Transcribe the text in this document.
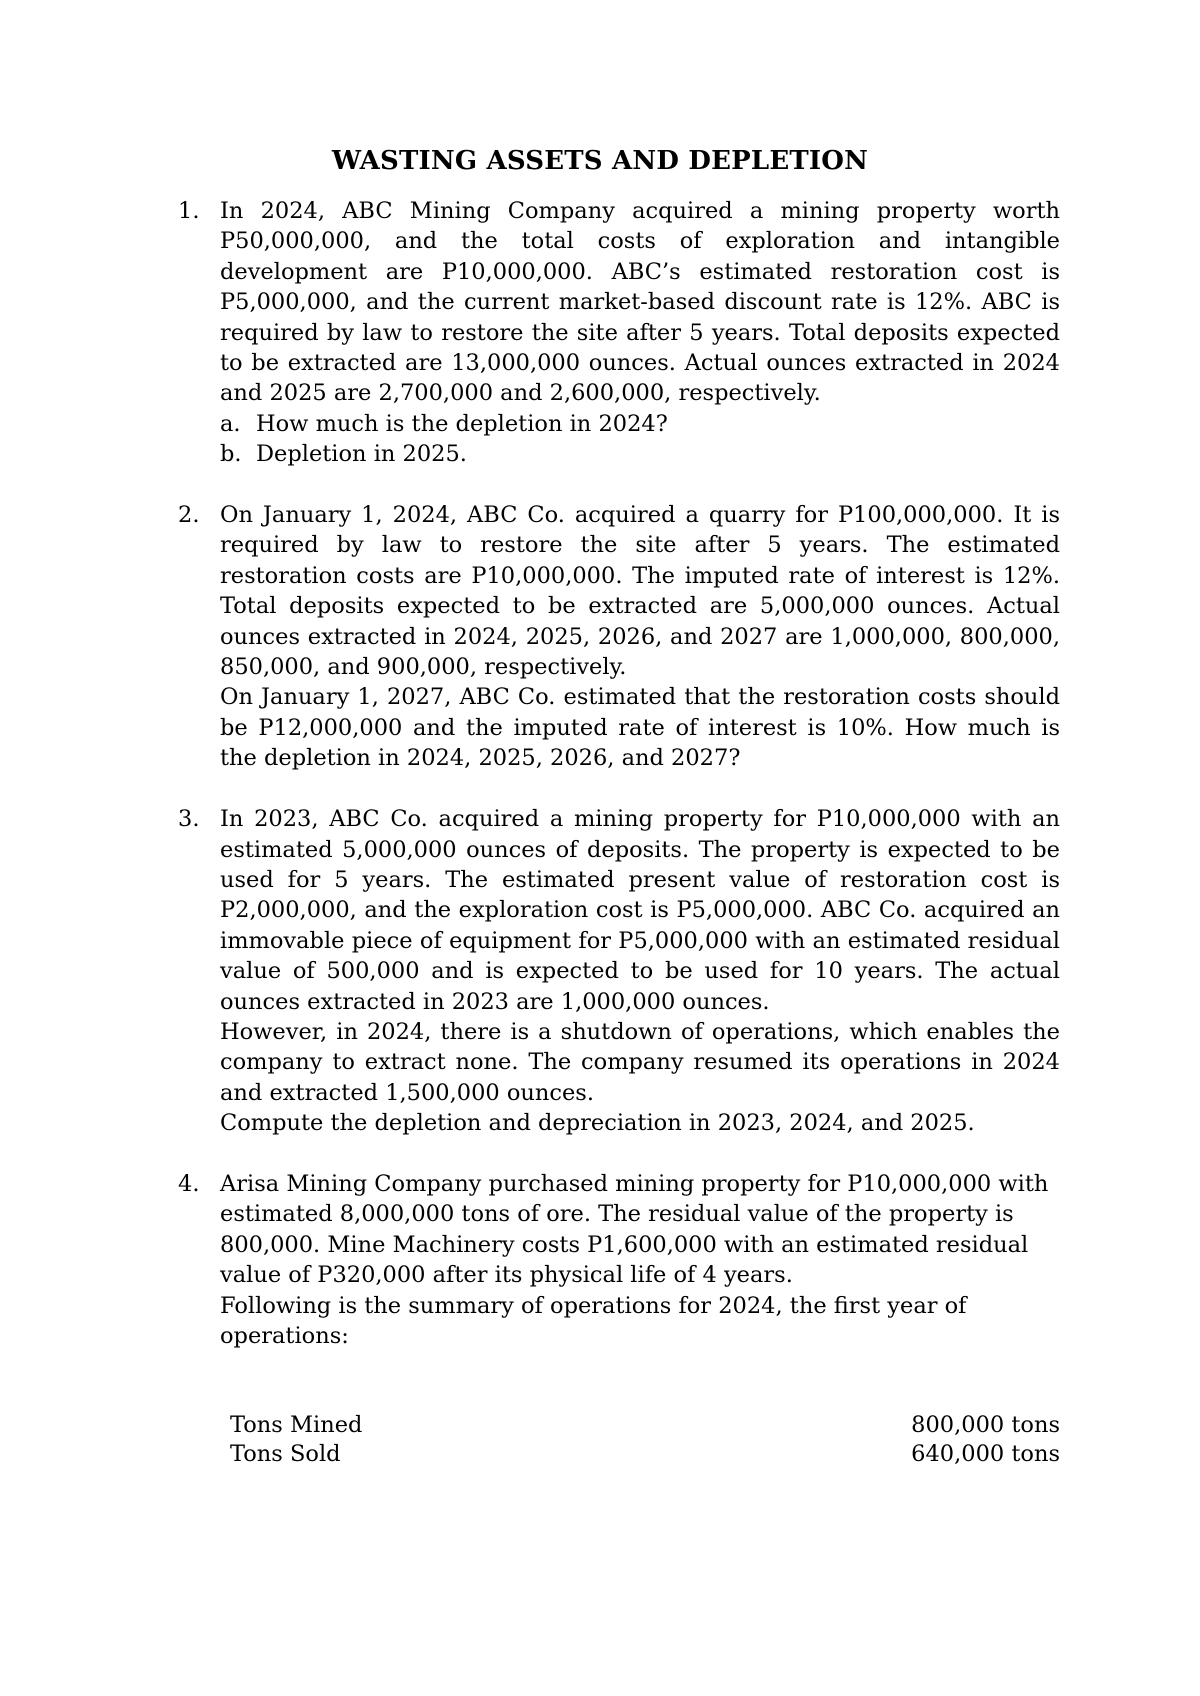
WASTING ASSETS AND DEPLETION
1. In 2024, ABC Mining Company acquired a mining property worth P50,000,000, and the total costs of exploration and intangible development are P10,000,000. ABC’s estimated restoration cost is P5,000,000, and the current market-based discount rate is 12%. ABC is required by law to restore the site after 5 years. Total deposits expected to be extracted are 13,000,000 ounces. Actual ounces extracted in 2024 and 2025 are 2,700,000 and 2,600,000, respectively.
a. How much is the depletion in 2024?
b. Depletion in 2025.
2. On January 1, 2024, ABC Co. acquired a quarry for P100,000,000. It is required by law to restore the site after 5 years. The estimated restoration costs are P10,000,000. The imputed rate of interest is 12%. Total deposits expected to be extracted are 5,000,000 ounces. Actual ounces extracted in 2024, 2025, 2026, and 2027 are 1,000,000, 800,000, 850,000, and 900,000, respectively.
On January 1, 2027, ABC Co. estimated that the restoration costs should be P12,000,000 and the imputed rate of interest is 10%. How much is the depletion in 2024, 2025, 2026, and 2027?
3. In 2023, ABC Co. acquired a mining property for P10,000,000 with an estimated 5,000,000 ounces of deposits. The property is expected to be used for 5 years. The estimated present value of restoration cost is P2,000,000, and the exploration cost is P5,000,000. ABC Co. acquired an immovable piece of equipment for P5,000,000 with an estimated residual value of 500,000 and is expected to be used for 10 years. The actual ounces extracted in 2023 are 1,000,000 ounces.
However, in 2024, there is a shutdown of operations, which enables the company to extract none. The company resumed its operations in 2024 and extracted 1,500,000 ounces.
Compute the depletion and depreciation in 2023, 2024, and 2025.
4. Arisa Mining Company purchased mining property for P10,000,000 with estimated 8,000,000 tons of ore. The residual value of the property is 800,000. Mine Machinery costs P1,600,000 with an estimated residual value of P320,000 after its physical life of 4 years.
Following is the summary of operations for 2024, the first year of operations:
Tons Mined	800,000 tons
Tons Sold	640,000 tons
